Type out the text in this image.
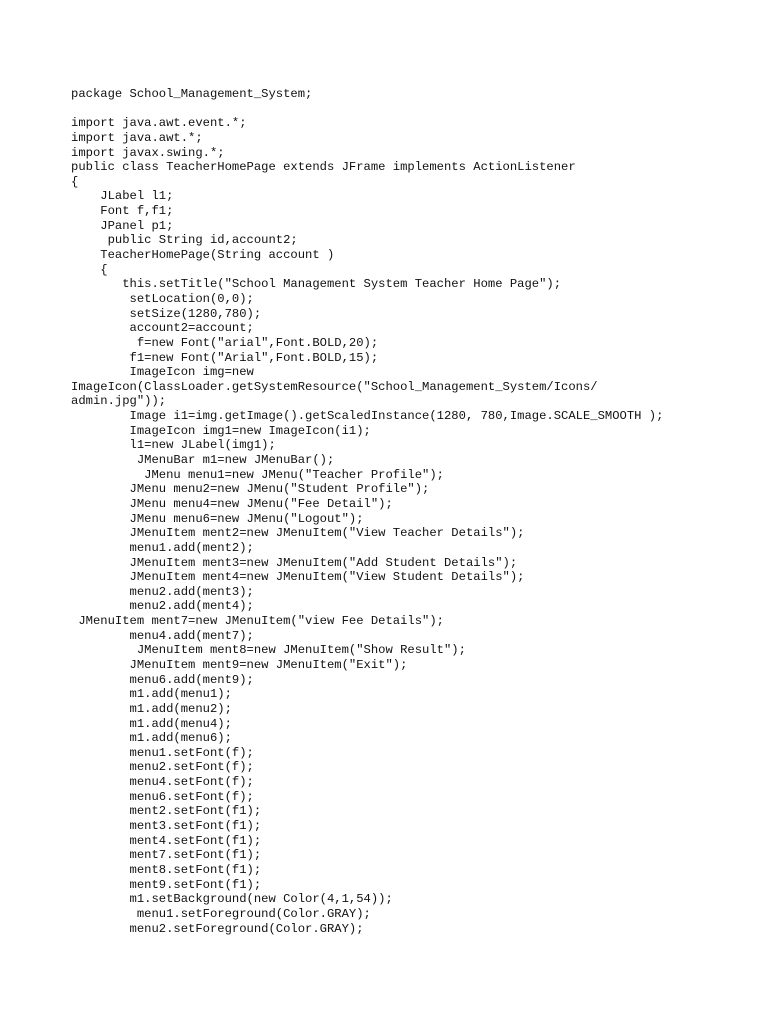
package School_Management_System;
import java.awt.event.*;
import java.awt.*;
import javax.swing.*;
public class TeacherHomePage extends JFrame implements ActionListener
{
JLabel l1;
Font f,f1;
JPanel p1;
public String id,account2;
TeacherHomePage(String account )
{
this.setTitle("School Management System Teacher Home Page");
setLocation(0,0);
setSize(1280,780);
account2=account;
f=new Font("arial",Font.BOLD,20);
f1=new Font("Arial",Font.BOLD,15);
ImageIcon img=new
ImageIcon(ClassLoader.getSystemResource("School_Management_System/Icons/
admin.jpg"));
Image i1=img.getImage().getScaledInstance(1280, 780,Image.SCALE_SMOOTH );
ImageIcon img1=new ImageIcon(i1);
l1=new JLabel(img1);
JMenuBar m1=new JMenuBar();
JMenu menu1=new JMenu("Teacher Profile");
JMenu menu2=new JMenu("Student Profile");
JMenu menu4=new JMenu("Fee Detail");
JMenu menu6=new JMenu("Logout");
JMenuItem ment2=new JMenuItem("View Teacher Details");
menu1.add(ment2);
JMenuItem ment3=new JMenuItem("Add Student Details");
JMenuItem ment4=new JMenuItem("View Student Details");
menu2.add(ment3);
menu2.add(ment4);
JMenuItem ment7=new JMenuItem("view Fee Details");
menu4.add(ment7);
JMenuItem ment8=new JMenuItem("Show Result");
JMenuItem ment9=new JMenuItem("Exit");
menu6.add(ment9);
m1.add(menu1);
m1.add(menu2);
m1.add(menu4);
m1.add(menu6);
menu1.setFont(f);
menu2.setFont(f);
menu4.setFont(f);
menu6.setFont(f);
ment2.setFont(f1);
ment3.setFont(f1);
ment4.setFont(f1);
ment7.setFont(f1);
ment8.setFont(f1);
ment9.setFont(f1);
m1.setBackground(new Color(4,1,54));
menu1.setForeground(Color.GRAY);
menu2.setForeground(Color.GRAY);
